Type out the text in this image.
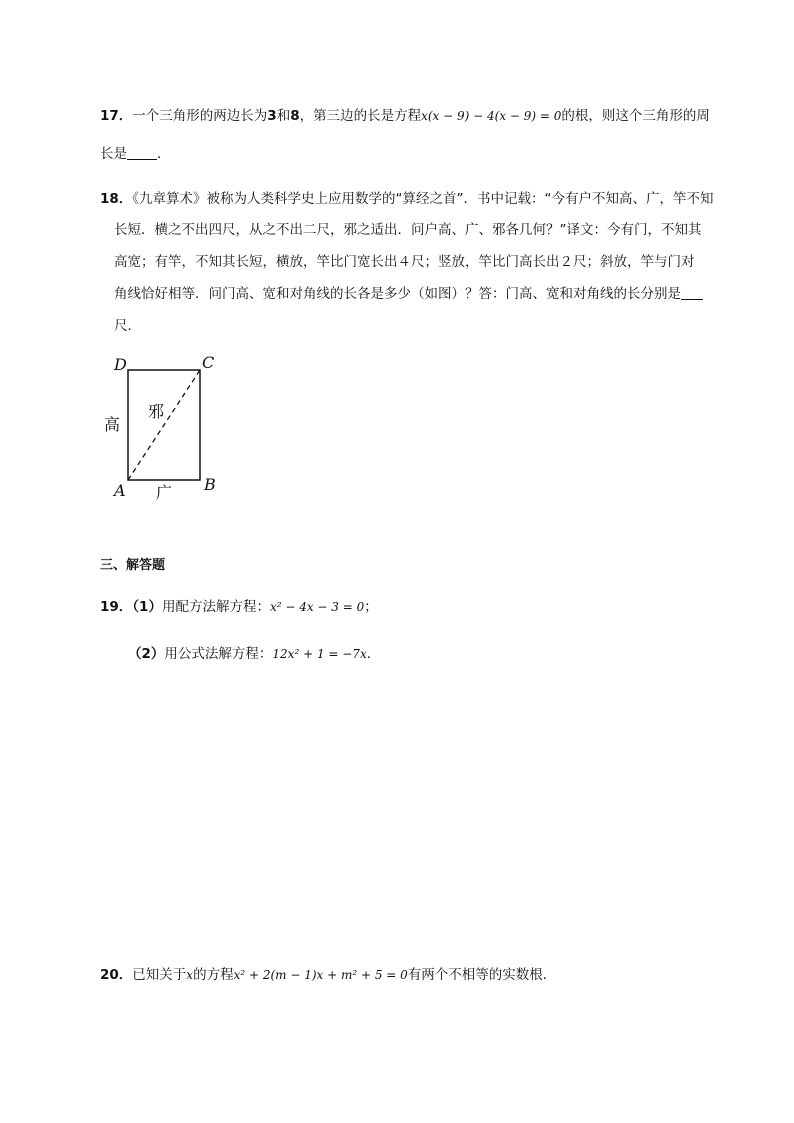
17．一个三角形的两边长为3和8，第三边的长是方程x(x − 9) − 4(x − 9) = 0的根，则这个三角形的周
长是 ．
18．《九章算术》被称为人类科学史上应用数学的“算经之首”．书中记载：“今有户不知高、广，竿不知
长短．横之不出四尺，从之不出二尺，邪之适出．问户高、广、邪各几何？”译文：今有门，不知其
高宽；有竿，不知其长短，横放，竿比门宽长出４尺；竖放，竿比门高长出２尺；斜放，竿与门对
角线恰好相等．问门高、宽和对角线的长各是多少（如图）？答：门高、宽和对角线的长分别是
尺．
D	C
A	B
高
邪
广
三、解答题
19．（1）用配方法解方程：x² − 4x − 3 = 0；
（2）用公式法解方程：12x² + 1 = −7x．
20．已知关于x的方程x² + 2(m − 1)x + m² + 5 = 0有两个不相等的实数根．
